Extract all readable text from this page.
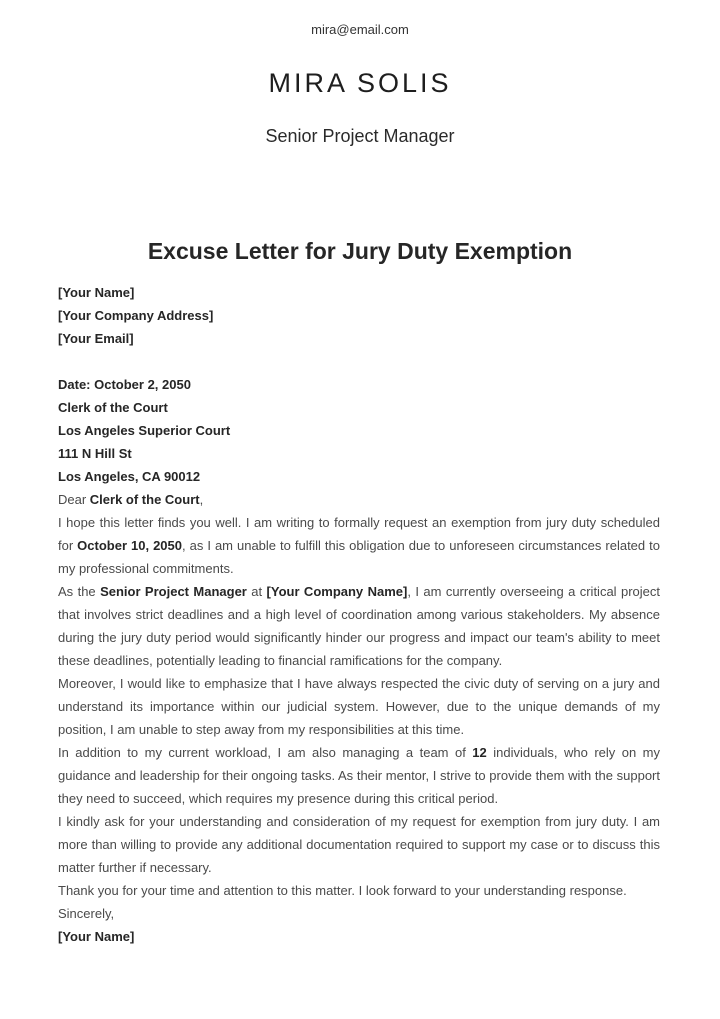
mira@email.com
MIRA SOLIS
Senior Project Manager
Excuse Letter for Jury Duty Exemption
[Your Name]
[Your Company Address]
[Your Email]
Date: October 2, 2050
Clerk of the Court
Los Angeles Superior Court
111 N Hill St
Los Angeles, CA 90012
Dear Clerk of the Court,
I hope this letter finds you well. I am writing to formally request an exemption from jury duty scheduled for October 10, 2050, as I am unable to fulfill this obligation due to unforeseen circumstances related to my professional commitments.
As the Senior Project Manager at [Your Company Name], I am currently overseeing a critical project that involves strict deadlines and a high level of coordination among various stakeholders. My absence during the jury duty period would significantly hinder our progress and impact our team's ability to meet these deadlines, potentially leading to financial ramifications for the company.
Moreover, I would like to emphasize that I have always respected the civic duty of serving on a jury and understand its importance within our judicial system. However, due to the unique demands of my position, I am unable to step away from my responsibilities at this time.
In addition to my current workload, I am also managing a team of 12 individuals, who rely on my guidance and leadership for their ongoing tasks. As their mentor, I strive to provide them with the support they need to succeed, which requires my presence during this critical period.
I kindly ask for your understanding and consideration of my request for exemption from jury duty. I am more than willing to provide any additional documentation required to support my case or to discuss this matter further if necessary.
Thank you for your time and attention to this matter. I look forward to your understanding response.
Sincerely,
[Your Name]
